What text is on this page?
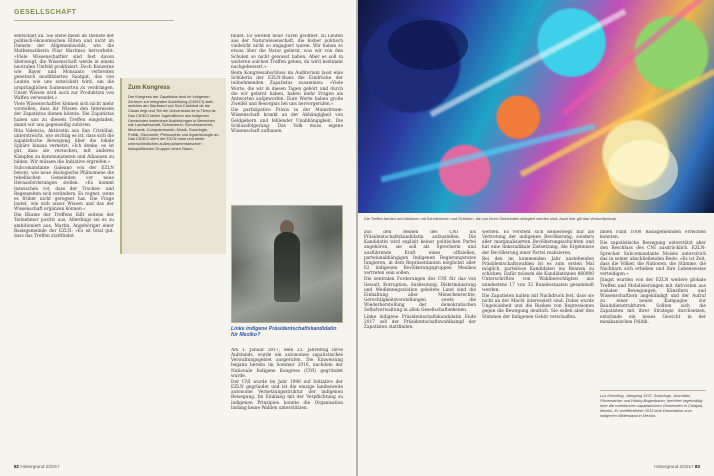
GESELLSCHAFT

sentschaft an. Sie stehe meist im Dienste der politisch-ökonomischen Eliten und nicht im Dienste der Allgemeinwohls, wie die Mathematikerin Pilar Martinez hervorhebt: »Viele Wissenschaftler sind fest davon überzeugt, die Wissenschaft werde in einem neutralen Umfeld praktiziert. Doch Konzerne wie Bayer und Monsanto verbreiten genetisch modifiziertes Saatgut, das von Leuten wie uns entwickelt wird, um die ursprünglichen Samensorten zu verdrängen. Unser Wissen wird auch zur Produktion von Waffen verwendet.«

Viele Wissenschaftler können sich nicht mehr vorstellen, dass ihr Wissen den Interessen der Zapatistas dienen könnte. Die Zapatistas haben uns zu diesem Treffen eingeladen, damit wir uns gegenseitig zuhören.

Rita Valencia, Aktivistin aus San Cristóbal, unterstreicht, wie wichtig es ist, dass sich die zapatistische Bewegung über die lokale Sphäre hinaus vernetzt: »Ich denke, es ist gut, dass sie versuchen, mit anderen Kämpfen zu kommunizieren und Allianzen zu bilden. Wir müssen die Initiative ergreifen.«

Subcomandante Galeano von der EZLN betont, wie neue ökologische Phänomene die rebellischen Gemeinden vor neue Herausforderungen stellen: »Es kommt inzwischen vor, dass der Trocken- und Regenzeiten sich verändern. Es regnet, wenn es früher nicht geregnet hat. Die Frage lautet, wie sich unser Wissen und das der Wissenschaft ergänzen können.«

Die Bäume der Treffens fällt seitens der Teilnehmer positiv aus. Allerdings sei es zu ambitioniert aus, Martin, Angehöriger einer Basisgemeinde der EZLN: »Es ist total gut, dass das Treffen stattfindet.

Zum Kongress
Der Kongress der Zapatistas fand im Indigenen Zentrum zur integralen Ausbildung (CIDECI) statt, welches am Stadtrand von San Cristóbal de las Casas liegt und Teil der Universidad de la Tierra ist. Das CIDECI bietet Jugendlichen aus indigenen Gemeinden kostenlose Ausbildungen in Bereichen wie Landwirtschaft, Schneiderei, Schuhmacherei, Mechanik, Computerkunde, Musik, Soziologie, Politik, Ökonomie, Philosophie und Agrarökologie an. Das CIDECI steht der EZLN nahe und bietet unterschiedlichen außerparlamentarischen linkspolitischen Gruppen einen Raum.

findet. Es werden neue Türen geöffnet, zu Leuten aus der Naturwissenschaft, die bisher politisch vielleicht nicht so engagiert waren. Wir haben so etwas über die Natur gelernt, was wir von den Schulen so nicht gewusst haben. Aber es soll in weiteren solchen Treffen gehen, da wird bestimmt nachgebessert.«

Beim Kongressabschluss im Auditorium lasst eine Schülerin der EZLN-Basis die Eindrücke der teilnehmenden Zapatistas zusammen: »Viele Worte, die wir in diesen Tagen gehört und durch die wir gelernt haben, haben mehr Fragen als Antworten aufgeworfen. Eure Worte haben große Zweifel und Besorgnis bei uns hervorgerufen.«

Die partizipative Praxis in der Mainstream-Wissenschaft krankt an der Abhängigkeit von Geldgebern und fehlender Unabhängigkeit. Die Schlussfolgerung: Das Volk muss eigene Wissenschaft aufbauen.

Linke indigene Präsidentschaftskandidatin für Mexiko?

Am 1. Januar 2017, dem 23. Jahrestag ihres Aufstands, wurde ein autonomes zapatistisches Verwaltungsgebiet ausgerufen. Die Einweisung begann bereits im Sommer 2016, nachdem der Nationale Indigene Kongress (CNI) gegründet wurde.

Der CNI wurde im Jahr 1996 auf Initiative der EZLN gegründet und ist die einzige landesweite autonome Vernetzungsstruktur der indigenen Bewegung. Im Einklang mit der Verpflichtung zu indigenen Prinzipien konnte die Organisation bislang keine Wahlen unterstützen.

82 Hintergrund 2/2017
Die Treffen fanden und Aktionen mit Schülerinnen und Schülern, die von ihren Gemeinden delegiert werden sind. Auch hier gilt das Vernunftprinzip.

aus den Reihen des CNI als Präsidentschaftskandidatin aufzustellen. Die Kandidatin wird explizit keiner politischen Partei angehören, sie soll als Sprecherin und ausführende Kraft eines offiziellen, parteiunabhängigen Indigenen Regierungsrates fungieren, in dem Repräsentanten möglichst aller 62 indigenen Bevölkerungsgruppen Mexikos vertreten sein sollen.

Die zentralen Forderungen des CNI für das von Gewalt, Korruption, Ausbeutung, Diskriminierung und Mediennegoziation geleitete Land sind die Einhaltung aller Menschenrechte, Gerechtigkeitsvorstellungen sowie die Wiederherstellung der demokratischen Selbstverwaltung in allen Gesellschaftsebenen.

Linke indigene Präsidentschaftskandidatin Ende 2017 soll der Präsidentschaftswahlkampf der Zapatisten stattfinden.

werden. Es versteht sich keineswegs nur als Vertretung der indigenen Bevölkerung, sondern aller marginalisierten Bevölkerungsschichten und hat eine linksradikale Zielsetzung, die Ergebnisse der Bevölkerung einer Partei realisieren.

Bei den im kommenden Jahr anstehenden Präsidentschaftswahlen ist es zum ersten Mal möglich, parteilose Kandidaten ins Rennen zu schicken. Dafür müssen die Kandidatinnen 860000 Unterschriften von Wahlberechtigten aus mindestens 17 von 32 Bundesstaaten gesammelt werden.

Die Zapatisten halten mit Nachdruck fest, dass sie nicht an der Macht interessiert sind. Dabei wurde Ungewissheit und die Risiken von Repressionen gegen die Bewegung deutlich. Sie sollen aber den Stimmen der Indigenen Gehör verschaffen.

ihnen rund 1000 Basisgemeinden erreichen konnten.

Die zapatistische Bewegung unterstützt aber den Beschluss des CNI ausdrücklich. EZLN-Sprecher Subcomandante Moisés unterstrich das in seiner abschließenden Rede: »Es ist Zeit, dass die Völker, die Nationen, die Stämme, die Nachbarn sich erheben und ihre Lebensweise verteidigen.«

Jüngst wurden von der EZLN weitere globale Treffen und Mobilisierungen mit Aktivisten aus sozialen Bewegungen, Künstlern und Wissenschaftlern angekündigt und der Aufruf zu einer neuen Kampagne zur Bauindienstrukturen. Sollten sich die Zapatisten mit ihrer Strategie durchsetzen, entstünde ein neues Gewicht in der mexikanischen Politik.

Luz Kerkeling, Jahrgang 1972, Soziologe, Journalist, Filmemacher und Hobby-Bogenbauer, berichtet regelmäßig über die rebellischen zapatistischen Gemeinden in Chiapas, Mexiko. Er veröffentlichte 2013 eine Dissertation zum indigenen Widerstand in Mexiko.
Hintergrund 2/2017 83
